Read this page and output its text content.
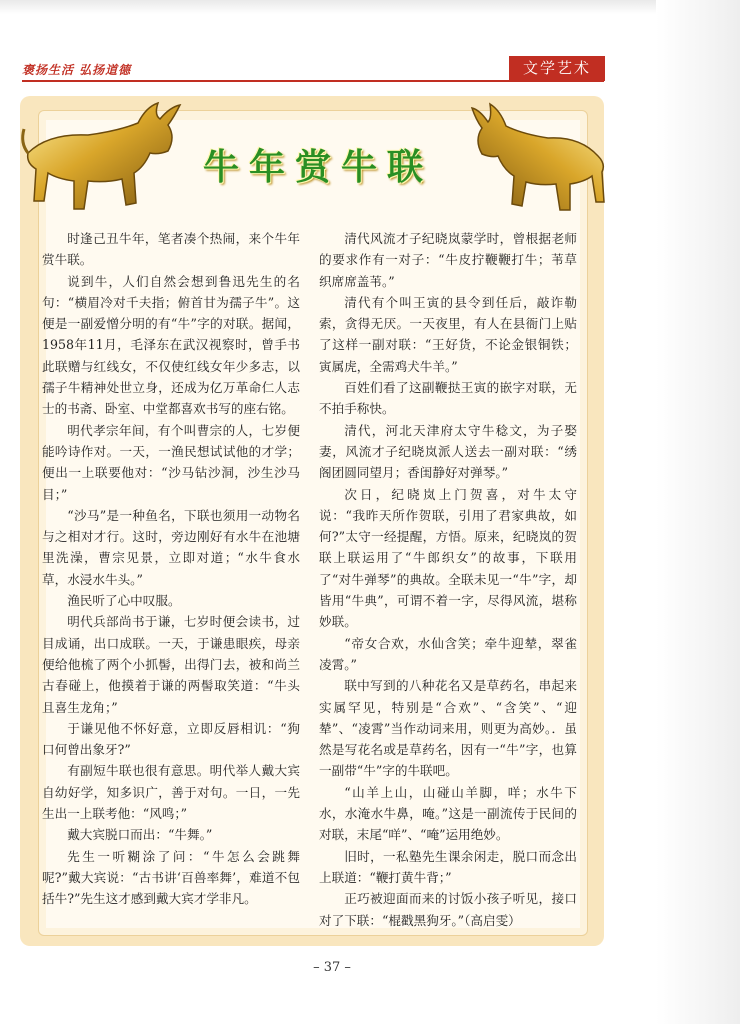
褒扬生活 弘扬道德	文学艺术
牛年赏牛联

时逢己丑牛年，笔者凑个热闹，来个牛年赏牛联。

说到牛，人们自然会想到鲁迅先生的名句：“横眉冷对千夫指；俯首甘为孺子牛”。这便是一副爱憎分明的有“牛”字的对联。据闻，1958年11月，毛泽东在武汉视察时，曾手书此联赠与红线女，不仅使红线女年少多志，以孺子牛精神处世立身，还成为亿万革命仁人志士的书斋、卧室、中堂都喜欢书写的座右铭。

明代孝宗年间，有个叫曹宗的人，七岁便能吟诗作对。一天，一渔民想试试他的才学；便出一上联要他对：“沙马钻沙洞，沙生沙马目；”

“沙马”是一种鱼名，下联也须用一动物名与之相对才行。这时，旁边刚好有水牛在池塘里洗澡，曹宗见景，立即对道；“水牛食水草，水浸水牛头。”

渔民听了心中叹服。

明代兵部尚书于谦，七岁时便会读书，过目成诵，出口成联。一天，于谦患眼疾，母亲便给他梳了两个小抓髻，出得门去，被和尚兰古春碰上，他摸着于谦的两髻取笑道：“牛头且喜生龙角；”

于谦见他不怀好意，立即反唇相讥：“狗口何曾出象牙?”

有副短牛联也很有意思。明代举人戴大宾自幼好学，知多识广，善于对句。一日，一先生出一上联考他：“风鸣；”

戴大宾脱口而出：“牛舞。”

先生一听糊涂了问：“牛怎么会跳舞呢?”戴大宾说：“古书讲‘百兽率舞’，难道不包括牛?”先生这才感到戴大宾才学非凡。

清代风流才子纪晓岚蒙学时，曾根据老师的要求作有一对子：“牛皮拧鞭鞭打牛；苇草织席席盖苇。”

清代有个叫王寅的县令到任后，敲诈勒索，贪得无厌。一天夜里，有人在县衙门上贴了这样一副对联：“王好货，不论金银铜铁；寅属虎，全需鸡犬牛羊。”

百姓们看了这副鞭挞王寅的嵌字对联，无不拍手称快。

清代，河北天津府太守牛稔文，为子娶妻，风流才子纪晓岚派人送去一副对联：“绣阁团圆同望月；香闺静好对弹琴。”

次日，纪晓岚上门贺喜，对牛太守说：“我昨天所作贺联，引用了君家典故，如何?”太守一经提醒，方悟。原来，纪晓岚的贺联上联运用了“牛郎织女”的故事，下联用了“对牛弹琴”的典故。全联未见一“牛”字，却皆用“牛典”，可谓不着一字，尽得风流，堪称妙联。

“帝女合欢，水仙含笑；牵牛迎辇，翠雀凌霄。”

联中写到的八种花名又是草药名，串起来实属罕见，特别是“合欢”、“含笑”、“迎辇”、“凌霄”当作动词来用，则更为高妙。．虽然是写花名或是草药名，因有一“牛”字，也算一副带“牛”字的牛联吧。

“山羊上山，山碰山羊脚，咩；水牛下水，水淹水牛鼻，唵。”这是一副流传于民间的对联，末尾“咩”、“唵”运用绝妙。

旧时，一私塾先生课余闲走，脱口而念出上联道：“鞭打黄牛背；”

正巧被迎面而来的讨饭小孩子听见，接口对了下联：“棍戳黑狗牙。”（高启雯）

– 37 –
